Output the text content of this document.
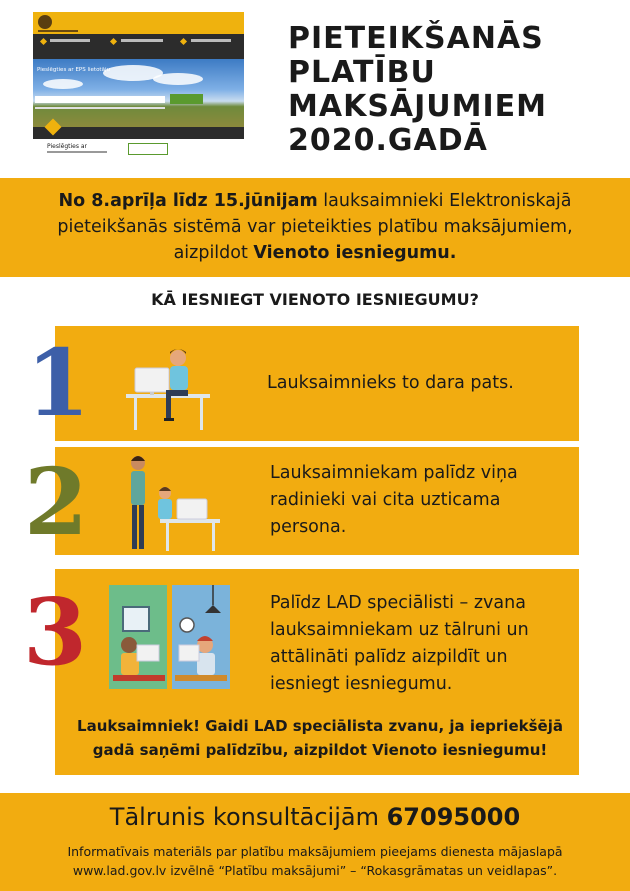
Pieslēgties ar EPS lietotāju
Pieslēgties ar
PIETEIKŠANĀS
PLATĪBU
MAKSĀJUMIEM
2020.GADĀ

No 8.aprīļa līdz 15.jūnijam lauksaimnieki Elektroniskajā pieteikšanās sistēmā var pieteikties platību maksājumiem, aizpildot Vienoto iesniegumu.

KĀ IESNIEGT VIENOTO IESNIEGUMU?
1
2
3
Lauksaimnieks to dara pats.
Lauksaimniekam palīdz viņa radinieki vai cita uzticama persona.
Palīdz LAD speciālisti – zvana lauksaimniekam uz tālruni un attālināti palīdz aizpildīt un iesniegt iesniegumu.
Lauksaimniek! Gaidi LAD speciālista zvanu, ja iepriekšējā gadā saņēmi palīdzību, aizpildot Vienoto iesniegumu!
Tālrunis konsultācijām 67095000
Informatīvais materiāls par platību maksājumiem pieejams dienesta mājaslapā
www.lad.gov.lv izvēlnē “Platību maksājumi” – “Rokasgrāmatas un veidlapas”.
